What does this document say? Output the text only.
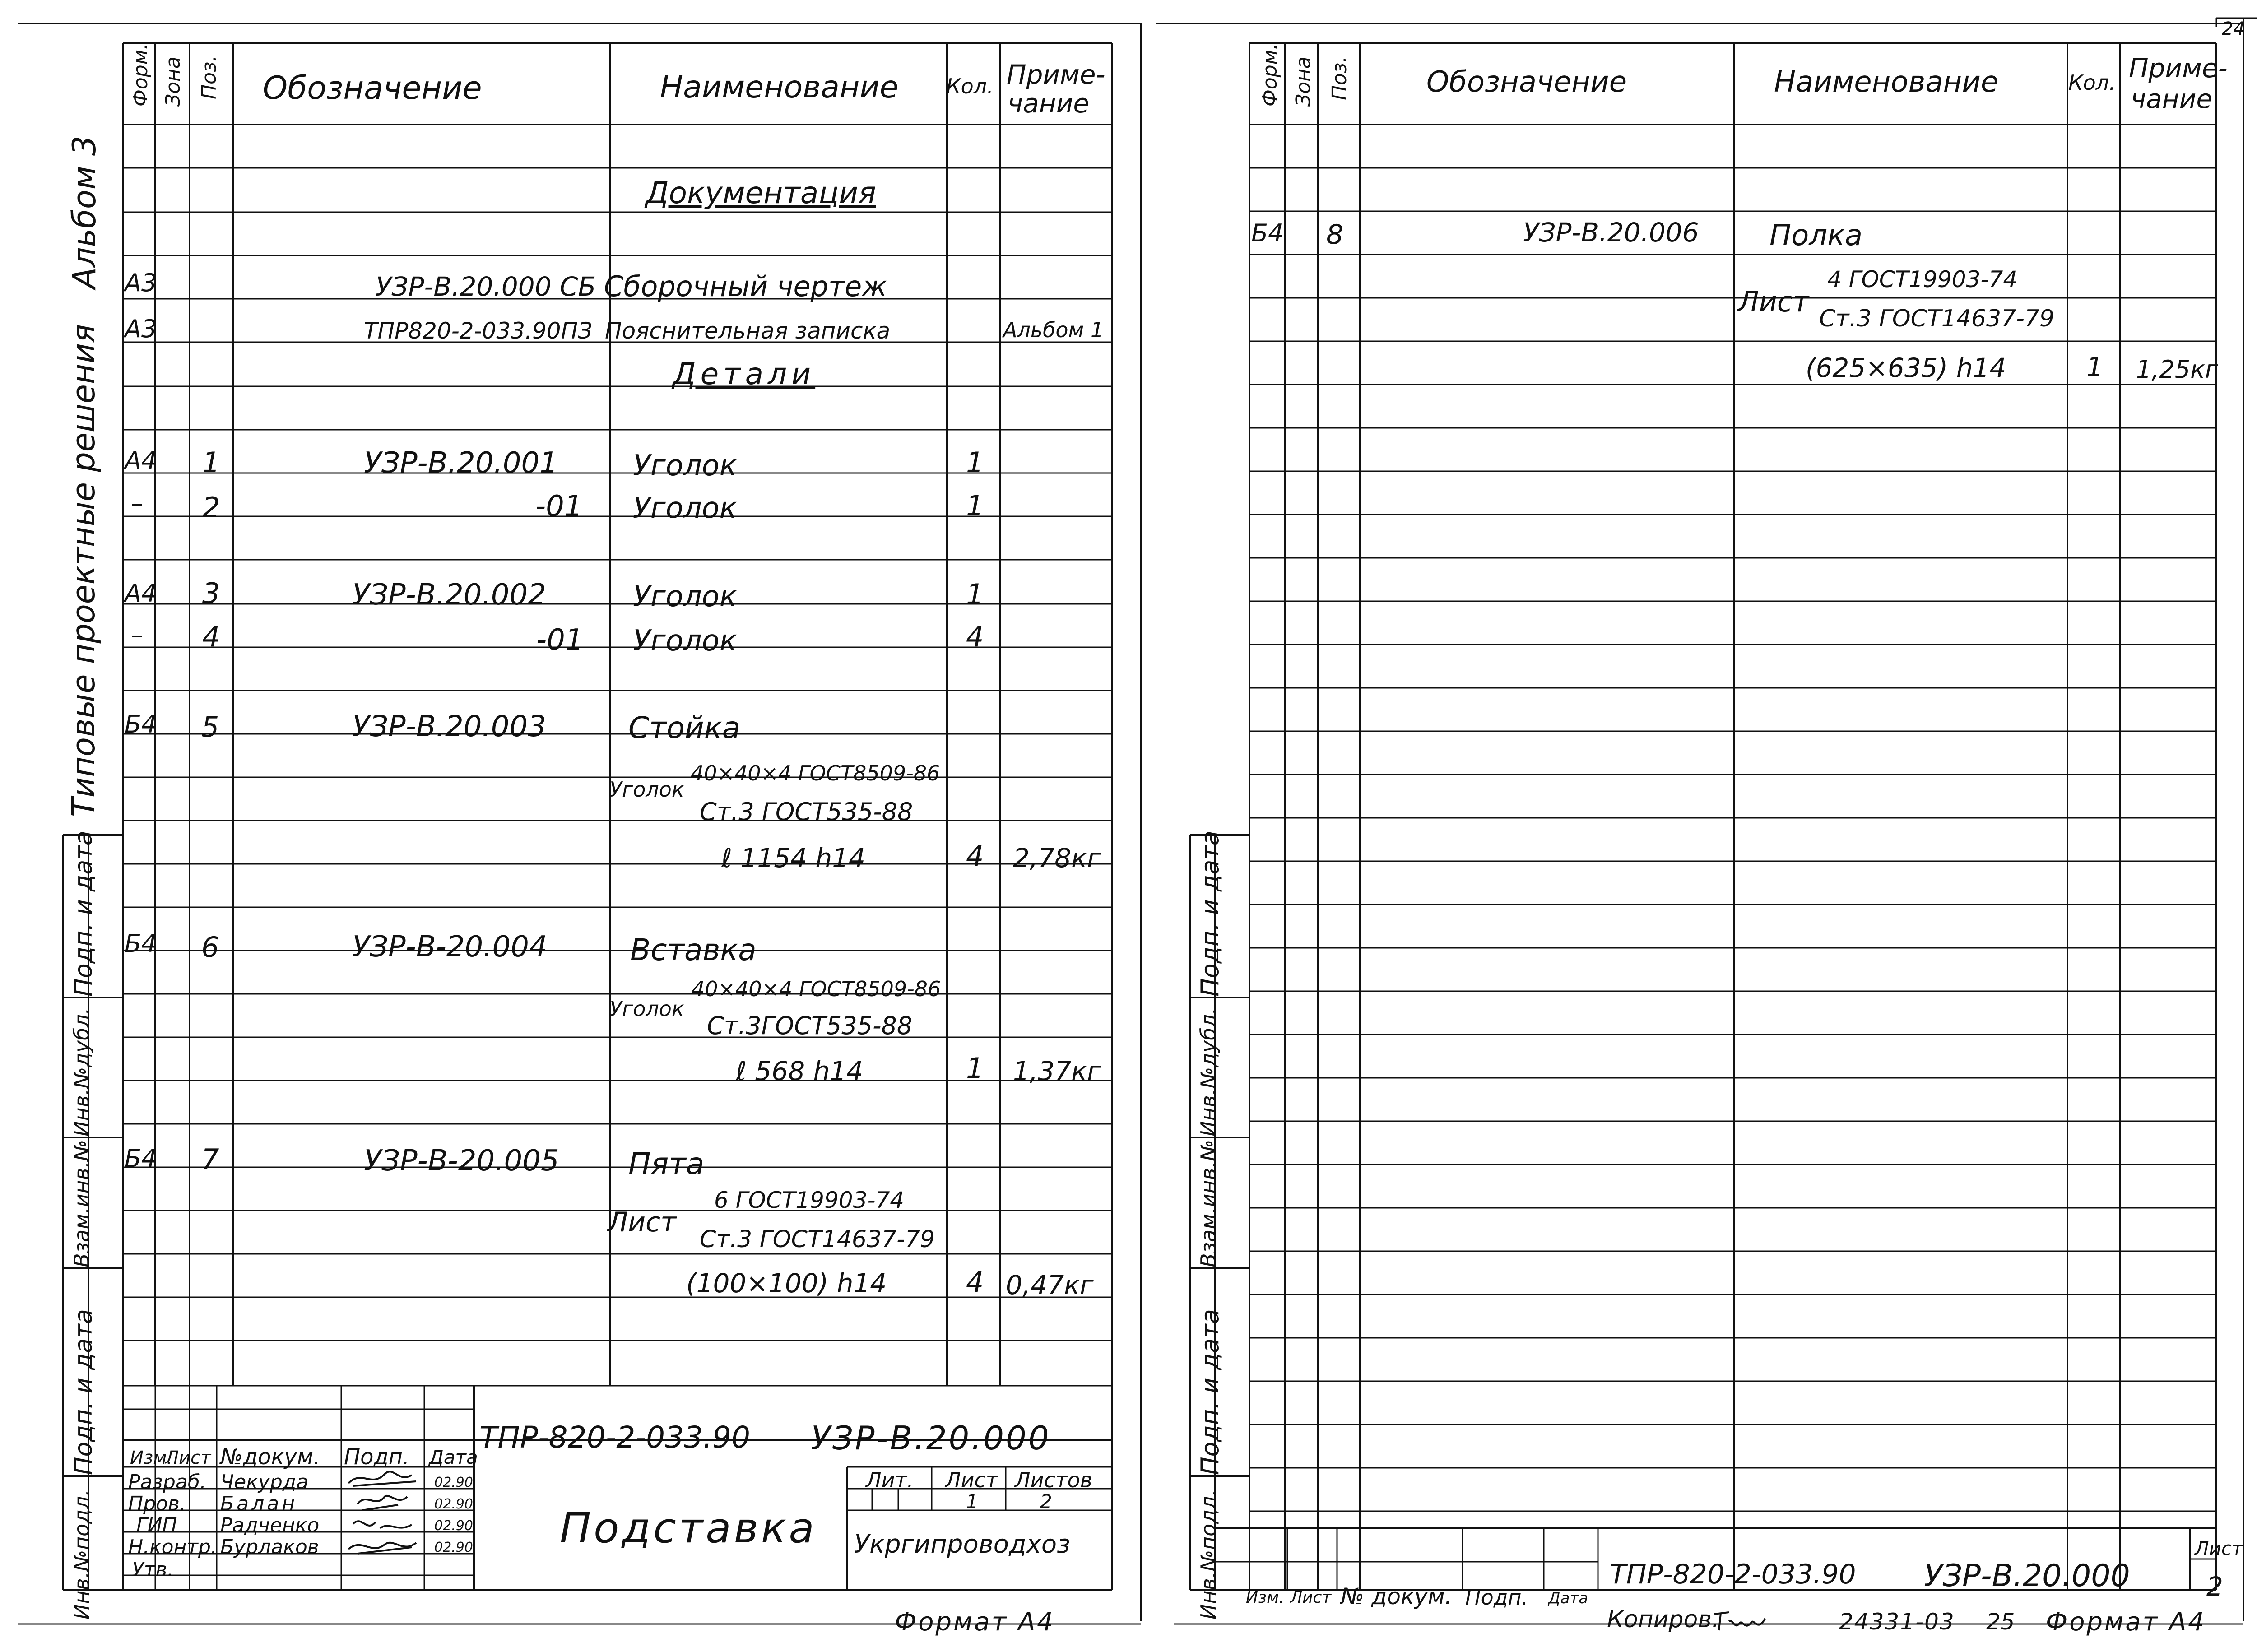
24
Форм. Зона Поз. Обозначение	Наименование Кол. Приме-
чание
Документация
А3	УЗР-В.20.000 СБ Сборочный чертеж
А3	ТПР820-2-033.90ПЗ Пояснительная записка	Альбом 1
Детали
А4 1	УЗР-В.20.001	Уголок	1
– 2	-01 Уголок	1
А4 3	УЗР-В.20.002	Уголок	1
– 4	-01 Уголок	4
Б4 5	УЗР-В.20.003	Стойка
Уголок
40×40×4 ГОСТ8509-86
Ст.3 ГОСТ535-88
ℓ 1154 h14	4 2,78кг
Б4 6	УЗР-В-20.004	Вставка
Уголок
40×40×4 ГОСТ8509-86
Ст.3ГОСТ535-88
ℓ 568 h14	1 1,37кг
Б4 7	УЗР-В-20.005 Пята
Лист
6 ГОСТ19903-74
Ст.3 ГОСТ14637-79
(100×100) h14	4 0,47кг
Альбом 3
Типовые проектные решения
Подп. и дата
Инв.№дубл.
Взам.инв.№
Подп. и дата
Инв.№подл.
ТПР-820-2-033.90 УЗР-В.20.000
Изм.
Лист №докум. Подп. Дата
Разраб. Чекурда	02.90
Пров. Балан	02.90
ГИП Радченко	02.90
Н.контр. Бурлаков	02.90
Утв.
Подставка
Лит. Лист Листов
1	2
Укргипроводхоз
Формат А4
Форм. Зона Поз.	Обозначение	Наименование	Кол. Приме-
чание
Б4 8	УЗР-В.20.006 Полка
Лист
4 ГОСТ19903-74
Ст.3 ГОСТ14637-79
(625×635) h14	1 1,25кг
Подп. и дата
Инв.№дубл.
Взам.инв.№
Подп. и дата
Инв.№подл. Изм. Лист № докум. Подп. Дата
ТПР-820-2-033.90 УЗР-В.20.000
Лист
2
Копиров.	24331-03 25 Формат А4
